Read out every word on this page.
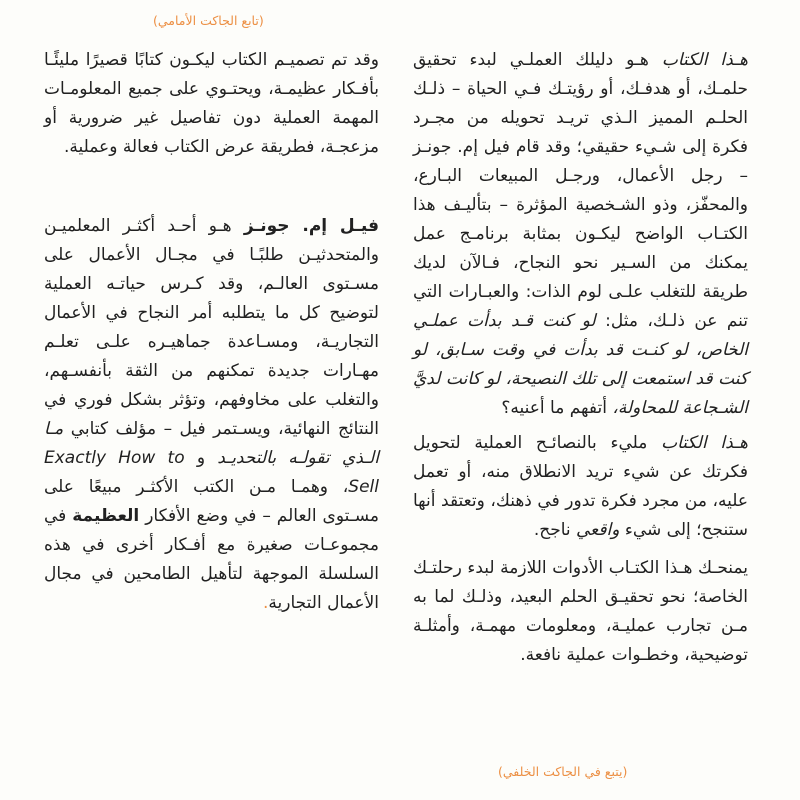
(تابع الجاكت الأمامي)

هـذا الكتاب هـو دليلك العملـي لبدء تحقيق حلمـك، أو هدفـك، أو رؤيتـك فـي الحياة – ذلـك الحلـم المميز الـذي تريـد تحويله من مجـرد فكرة إلى شـيء حقيقي؛ وقد قام فيل إم. جونـز – رجل الأعمال، ورجـل المبيعات البـارع، والمحفّز، وذو الشـخصية المؤثرة – بتأليـف هذا الكتـاب الواضح ليكـون بمثابة برنامـج عمل يمكنك من السـير نحو النجاح، فـالآن لديك طريقة للتغلب علـى لوم الذات: والعبـارات التي تنم عن ذلـك، مثل: لو كنت قـد بدأت عملـي الخاص، لو كنـت قد بدأت في وقت سـابق، لو كنت قد استمعت إلى تلك النصيحة، لو كانت لديَّ الشـجاعة للمحاولة، أتفهم ما أعنيه؟

هـذا الكتاب مليء بالنصائـح العملية لتحويل فكرتك عن شيء تريد الانطلاق منه، أو تعمل عليه، من مجرد فكرة تدور في ذهنك، وتعتقد أنها ستنجح؛ إلى شيء واقعي ناجح.

يمنحـك هـذا الكتـاب الأدوات اللازمة لبدء رحلتـك الخاصة؛ نحو تحقيـق الحلم البعيد، وذلـك لما به مـن تجارب عمليـة، ومعلومات مهمـة، وأمثلـة توضيحية، وخطـوات عملية نافعة.

وقد تم تصميـم الكتاب ليكـون كتابًا قصيرًا مليئًـا بأفـكار عظيمـة، ويحتـوي على جميع المعلومـات المهمة العملية دون تفاصيل غير ضرورية أو مزعجـة، فطريقة عرض الكتاب فعالة وعملية.

فيـل إم. جونـز هـو أحـد أكثـر المعلميـن والمتحدثيـن طلبًـا في مجـال الأعمال على مسـتوى العالـم، وقد كـرس حياتـه العملية لتوضيح كل ما يتطلبه أمر النجاح في الأعمال التجاريـة، ومسـاعدة جماهيـره علـى تعلـم مهـارات جديدة تمكنهم من الثقة بأنفسـهم، والتغلب على مخاوفهم، وتؤثر بشكل فوري في النتائج النهائية، ويسـتمر فيل – مؤلف كتابي مـا الـذي تقولـه بالتحديـد و Exactly How to Sell، وهمـا مـن الكتب الأكثـر مبيعًا على مسـتوى العالم – في وضع الأفكار العظيمة في مجموعـات صغيرة مع أفـكار أخرى في هذه السلسلة الموجهة لتأهيل الطامحين في مجال الأعمال التجارية.

(يتبع في الجاكت الخلفي)
